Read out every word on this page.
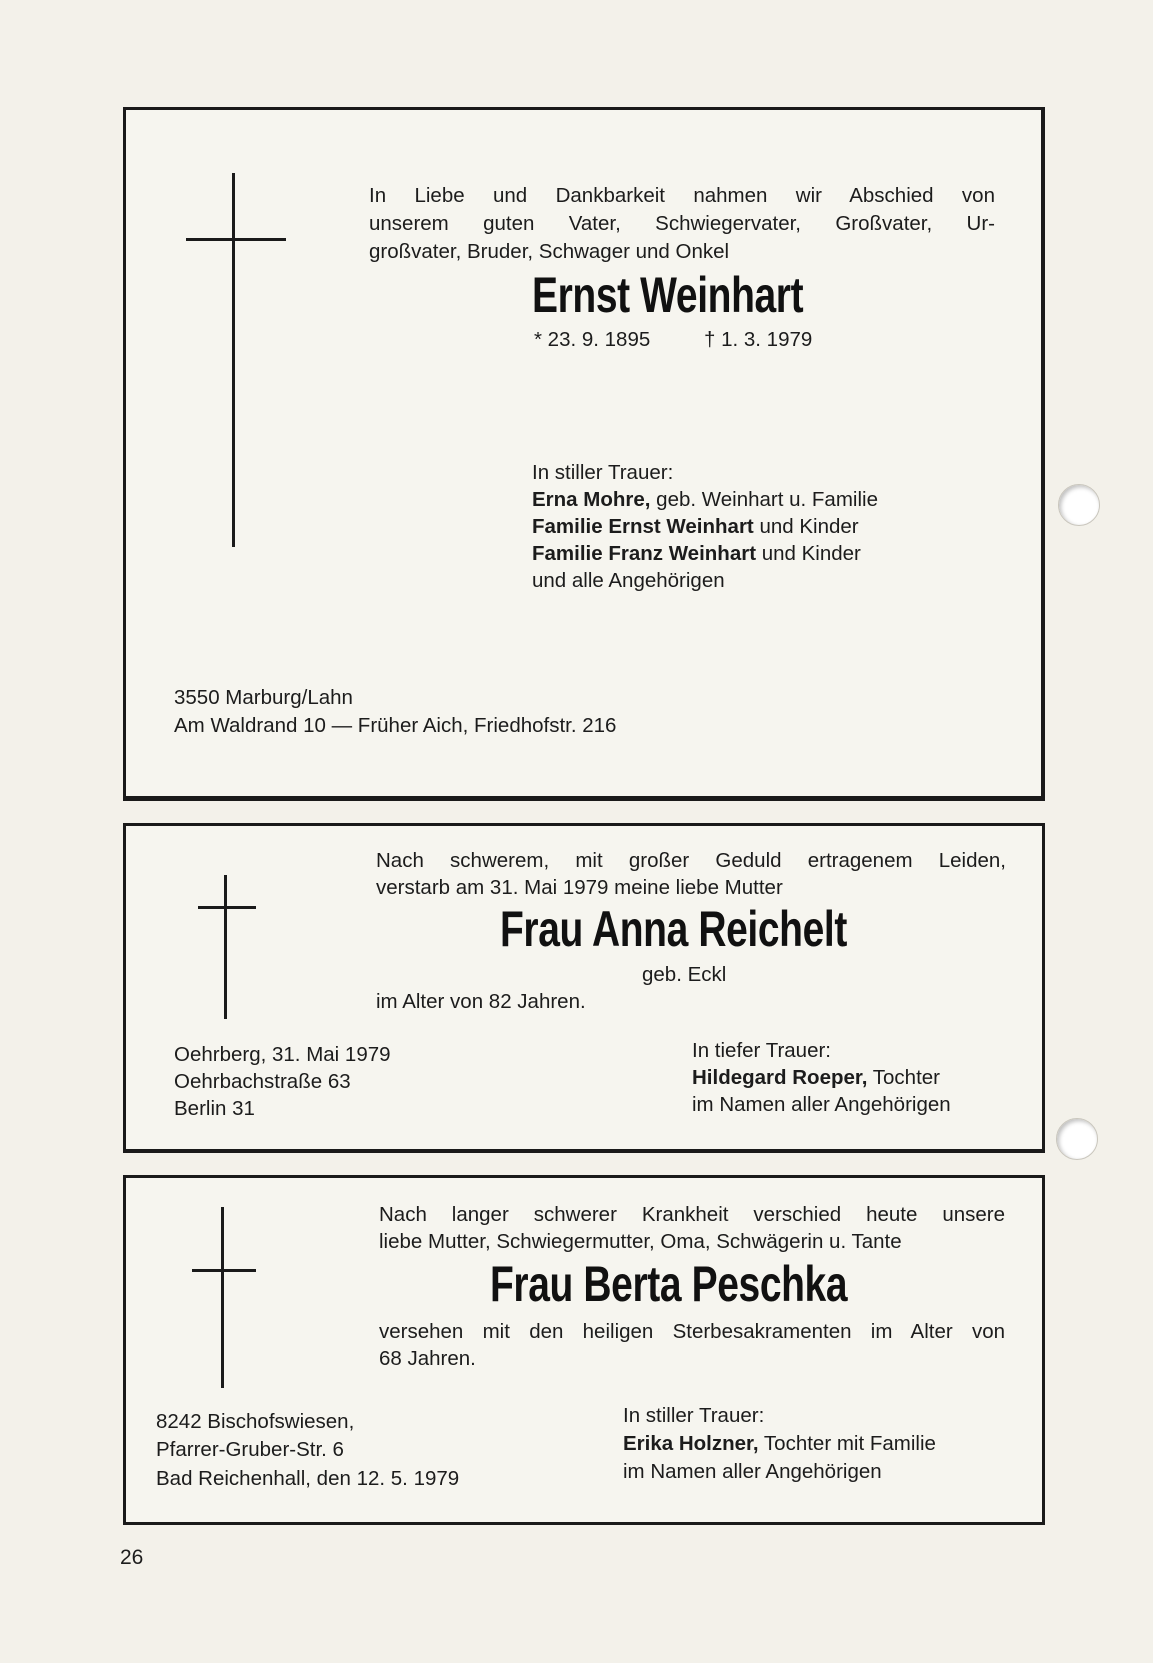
In Liebe und Dankbarkeit nahmen wir Abschied von
unserem guten Vater, Schwiegervater, Großvater, Ur-
großvater, Bruder, Schwager und Onkel
Ernst Weinhart
* 23. 9. 1895	† 1. 3. 1979
In stiller Trauer:
Erna Mohre, geb. Weinhart u. Familie
Familie Ernst Weinhart und Kinder
Familie Franz Weinhart und Kinder
und alle Angehörigen
3550 Marburg/Lahn
Am Waldrand 10 — Früher Aich, Friedhofstr. 216
Nach schwerem, mit großer Geduld ertragenem Leiden,
verstarb am 31. Mai 1979 meine liebe Mutter
Frau Anna Reichelt
geb. Eckl
im Alter von 82 Jahren.
Oehrberg, 31. Mai 1979
Oehrbachstraße 63
Berlin 31
In tiefer Trauer:
Hildegard Roeper, Tochter
im Namen aller Angehörigen
Nach langer schwerer Krankheit verschied heute unsere
liebe Mutter, Schwiegermutter, Oma, Schwägerin u. Tante
Frau Berta Peschka
versehen mit den heiligen Sterbesakramenten im Alter von
68 Jahren.
8242 Bischofswiesen,
Pfarrer-Gruber-Str. 6
Bad Reichenhall, den 12. 5. 1979
In stiller Trauer:
Erika Holzner, Tochter mit Familie
im Namen aller Angehörigen
26
